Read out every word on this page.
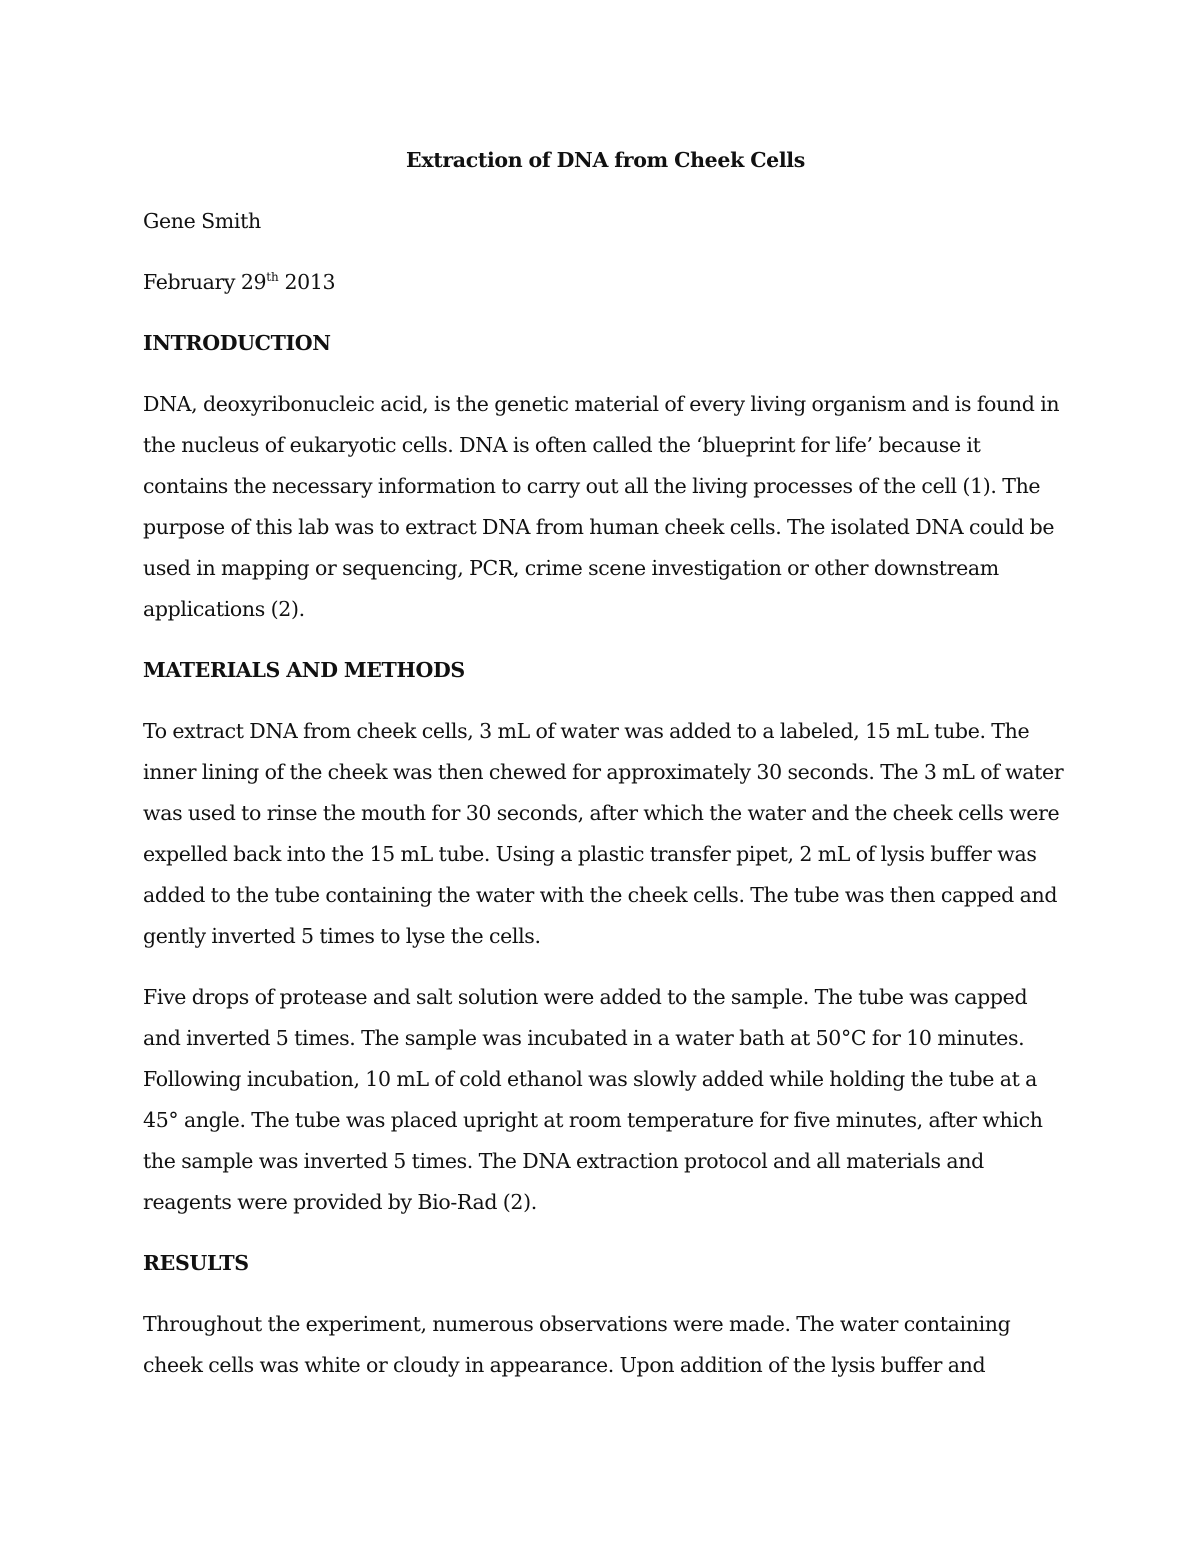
Extraction of DNA from Cheek Cells

Gene Smith

February 29th 2013

INTRODUCTION

DNA, deoxyribonucleic acid, is the genetic material of every living organism and is found in the nucleus of eukaryotic cells. DNA is often called the ‘blueprint for life’ because it contains the necessary information to carry out all the living processes of the cell (1). The purpose of this lab was to extract DNA from human cheek cells. The isolated DNA could be used in mapping or sequencing, PCR, crime scene investigation or other downstream applications (2).

MATERIALS AND METHODS

To extract DNA from cheek cells, 3 mL of water was added to a labeled, 15 mL tube. The inner lining of the cheek was then chewed for approximately 30 seconds. The 3 mL of water was used to rinse the mouth for 30 seconds, after which the water and the cheek cells were expelled back into the 15 mL tube. Using a plastic transfer pipet, 2 mL of lysis buffer was added to the tube containing the water with the cheek cells. The tube was then capped and gently inverted 5 times to lyse the cells.

Five drops of protease and salt solution were added to the sample. The tube was capped and inverted 5 times. The sample was incubated in a water bath at 50°C for 10 minutes. Following incubation, 10 mL of cold ethanol was slowly added while holding the tube at a 45° angle. The tube was placed upright at room temperature for five minutes, after which the sample was inverted 5 times. The DNA extraction protocol and all materials and reagents were provided by Bio-Rad (2).

RESULTS

Throughout the experiment, numerous observations were made. The water containing cheek cells was white or cloudy in appearance. Upon addition of the lysis buffer and
